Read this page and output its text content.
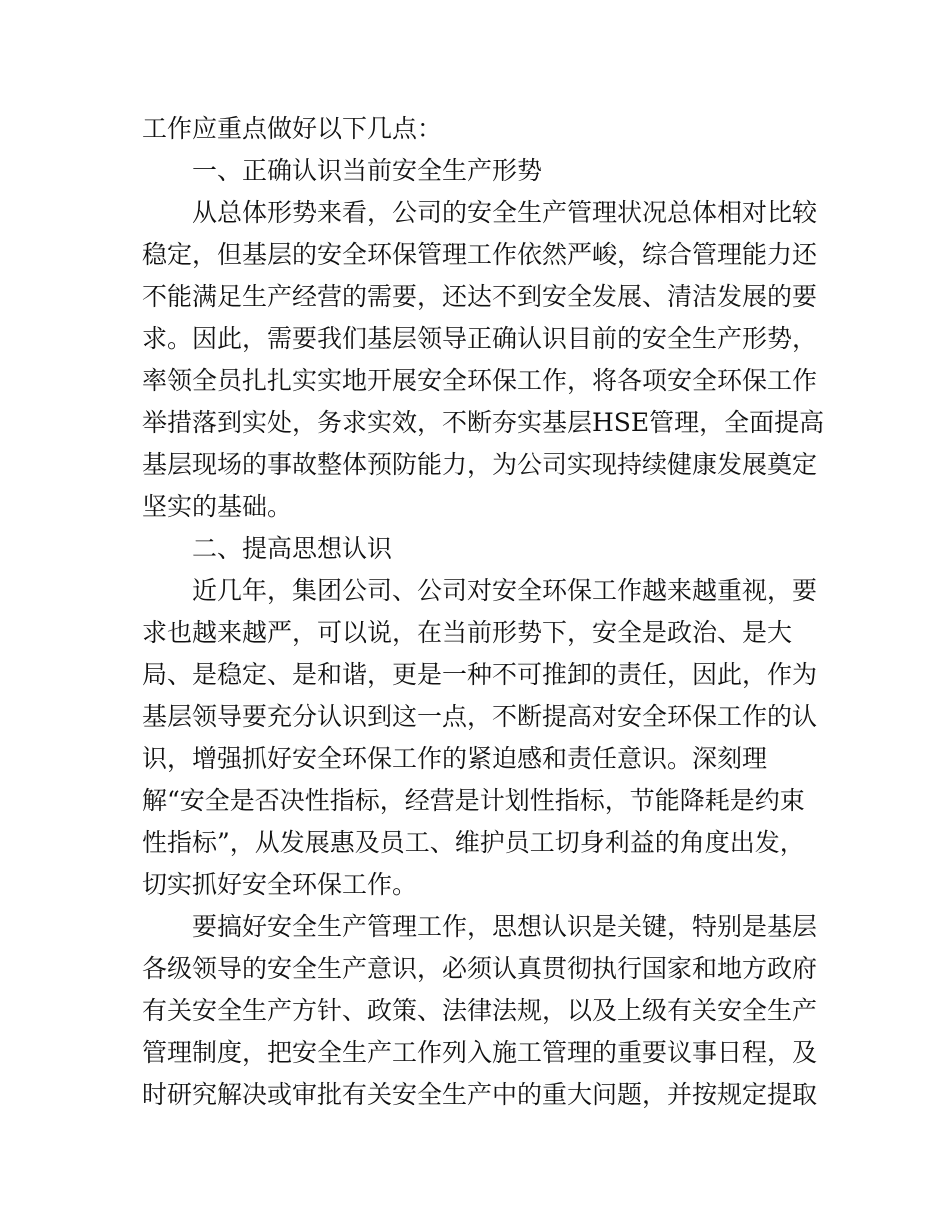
工作应重点做好以下几点：
一、正确认识当前安全生产形势
从总体形势来看，公司的安全生产管理状况总体相对比较
稳定，但基层的安全环保管理工作依然严峻，综合管理能力还
不能满足生产经营的需要，还达不到安全发展、清洁发展的要
求。因此，需要我们基层领导正确认识目前的安全生产形势，
率领全员扎扎实实地开展安全环保工作，将各项安全环保工作
举措落到实处，务求实效，不断夯实基层HSE管理，全面提高
基层现场的事故整体预防能力，为公司实现持续健康发展奠定
坚实的基础。
二、提高思想认识
近几年，集团公司、公司对安全环保工作越来越重视，要
求也越来越严，可以说，在当前形势下，安全是政治、是大
局、是稳定、是和谐，更是一种不可推卸的责任，因此，作为
基层领导要充分认识到这一点，不断提高对安全环保工作的认
识，增强抓好安全环保工作的紧迫感和责任意识。深刻理
解“安全是否决性指标，经营是计划性指标，节能降耗是约束
性指标”，从发展惠及员工、维护员工切身利益的角度出发，
切实抓好安全环保工作。
要搞好安全生产管理工作，思想认识是关键，特别是基层
各级领导的安全生产意识，必须认真贯彻执行国家和地方政府
有关安全生产方针、政策、法律法规，以及上级有关安全生产
管理制度，把安全生产工作列入施工管理的重要议事日程，及
时研究解决或审批有关安全生产中的重大问题，并按规定提取
